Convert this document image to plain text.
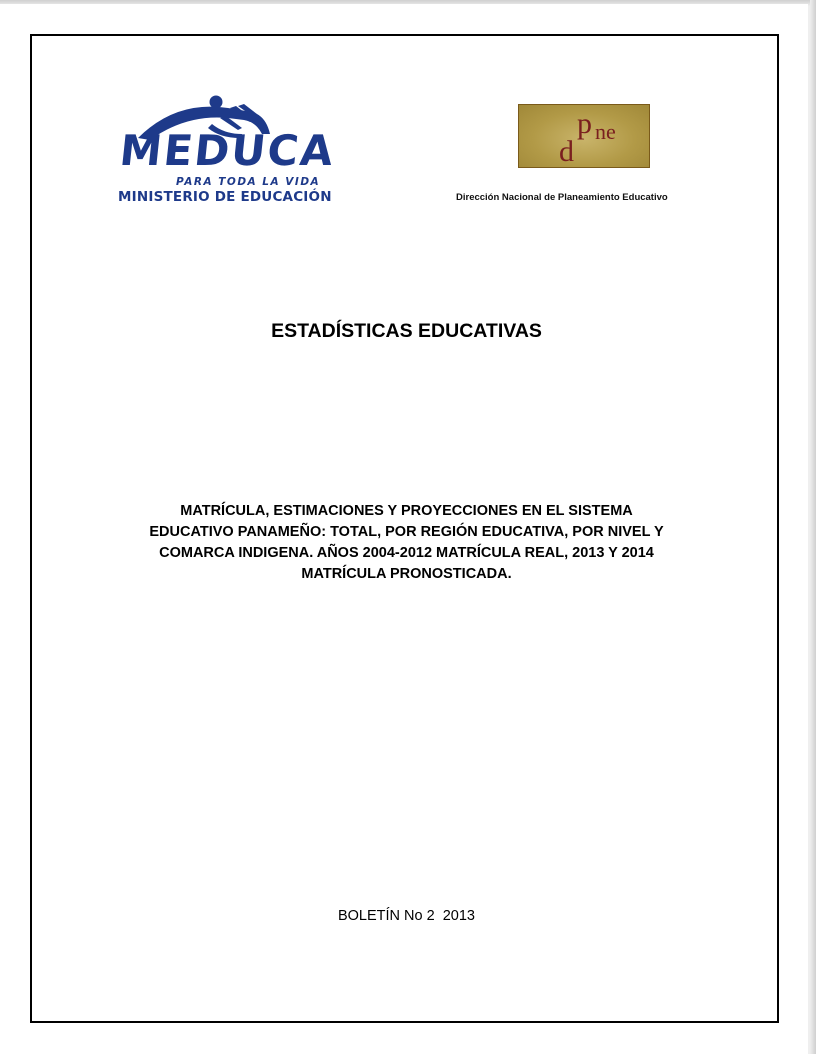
MEDUCA
PARA TODA LA VIDA
MINISTERIO DE EDUCACIÓN
p ne
d
Dirección Nacional de Planeamiento Educativo
ESTADÍSTICAS EDUCATIVAS
MATRÍCULA, ESTIMACIONES Y PROYECCIONES EN EL SISTEMA
EDUCATIVO PANAMEÑO: TOTAL, POR REGIÓN EDUCATIVA, POR NIVEL Y
COMARCA INDIGENA. AÑOS 2004-2012 MATRÍCULA REAL, 2013 Y 2014
MATRÍCULA PRONOSTICADA.
BOLETÍN No 2  2013
